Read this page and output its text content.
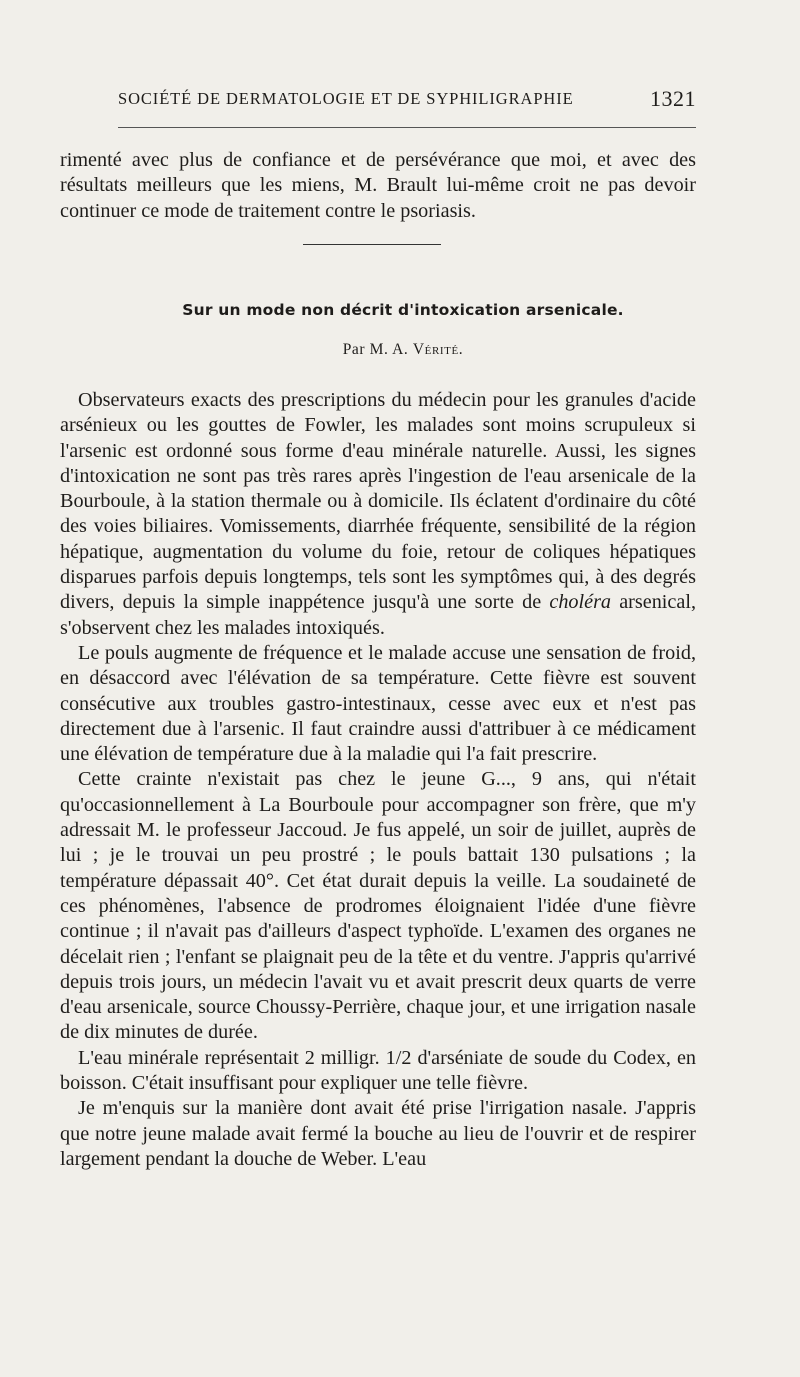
SOCIÉTÉ DE DERMATOLOGIE ET DE SYPHILIGRAPHIE	1321

rimenté avec plus de confiance et de persévérance que moi, et avec des résultats meilleurs que les miens, M. Brault lui-même croit ne pas devoir continuer ce mode de traitement contre le psoriasis.

Sur un mode non décrit d'intoxication arsenicale.
Par M. A. Vérité.

Observateurs exacts des prescriptions du médecin pour les granules d'acide arsénieux ou les gouttes de Fowler, les malades sont moins scrupuleux si l'arsenic est ordonné sous forme d'eau minérale naturelle. Aussi, les signes d'intoxication ne sont pas très rares après l'ingestion de l'eau arsenicale de la Bourboule, à la station thermale ou à domicile. Ils éclatent d'ordinaire du côté des voies biliaires. Vomissements, diarrhée fréquente, sensibilité de la région hépatique, augmentation du volume du foie, retour de coliques hépatiques disparues parfois depuis longtemps, tels sont les symptômes qui, à des degrés divers, depuis la simple inappétence jusqu'à une sorte de choléra arsenical, s'observent chez les malades intoxiqués.

Le pouls augmente de fréquence et le malade accuse une sensation de froid, en désaccord avec l'élévation de sa température. Cette fièvre est souvent consécutive aux troubles gastro-intestinaux, cesse avec eux et n'est pas directement due à l'arsenic. Il faut craindre aussi d'attribuer à ce médicament une élévation de température due à la maladie qui l'a fait prescrire.

Cette crainte n'existait pas chez le jeune G..., 9 ans, qui n'était qu'occasionnellement à La Bourboule pour accompagner son frère, que m'y adressait M. le professeur Jaccoud. Je fus appelé, un soir de juillet, auprès de lui ; je le trouvai un peu prostré ; le pouls battait 130 pulsations ; la température dépassait 40°. Cet état durait depuis la veille. La soudaineté de ces phénomènes, l'absence de prodromes éloignaient l'idée d'une fièvre continue ; il n'avait pas d'ailleurs d'aspect typhoïde. L'examen des organes ne décelait rien ; l'enfant se plaignait peu de la tête et du ventre. J'appris qu'arrivé depuis trois jours, un médecin l'avait vu et avait prescrit deux quarts de verre d'eau arsenicale, source Choussy-Perrière, chaque jour, et une irrigation nasale de dix minutes de durée.

L'eau minérale représentait 2 milligr. 1/2 d'arséniate de soude du Codex, en boisson. C'était insuffisant pour expliquer une telle fièvre.

Je m'enquis sur la manière dont avait été prise l'irrigation nasale. J'appris que notre jeune malade avait fermé la bouche au lieu de l'ouvrir et de respirer largement pendant la douche de Weber. L'eau
